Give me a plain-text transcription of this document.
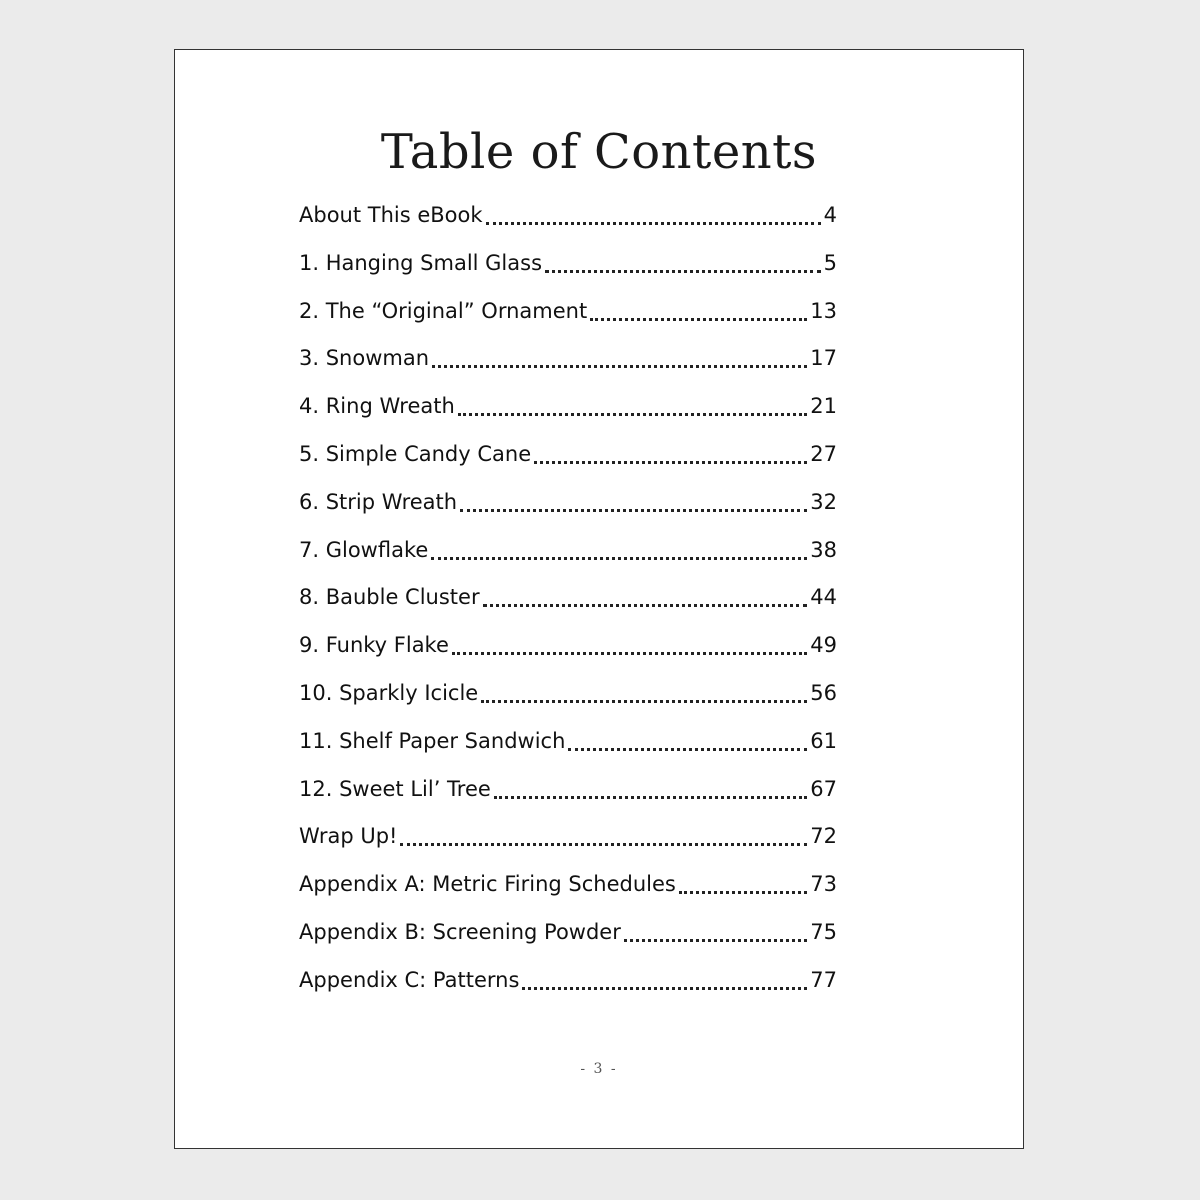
Table of Contents
About This eBook	4
1. Hanging Small Glass	5
2. The “Original” Ornament	13
3. Snowman	17
4. Ring Wreath	21
5. Simple Candy Cane	27
6. Strip Wreath	32
7. Glowflake	38
8. Bauble Cluster	44
9. Funky Flake	49
10. Sparkly Icicle	56
11. Shelf Paper Sandwich	61
12. Sweet Lil’ Tree	67
Wrap Up!	72
Appendix A: Metric Firing Schedules	73
Appendix B: Screening Powder	75
Appendix C: Patterns	77
- 3 -
